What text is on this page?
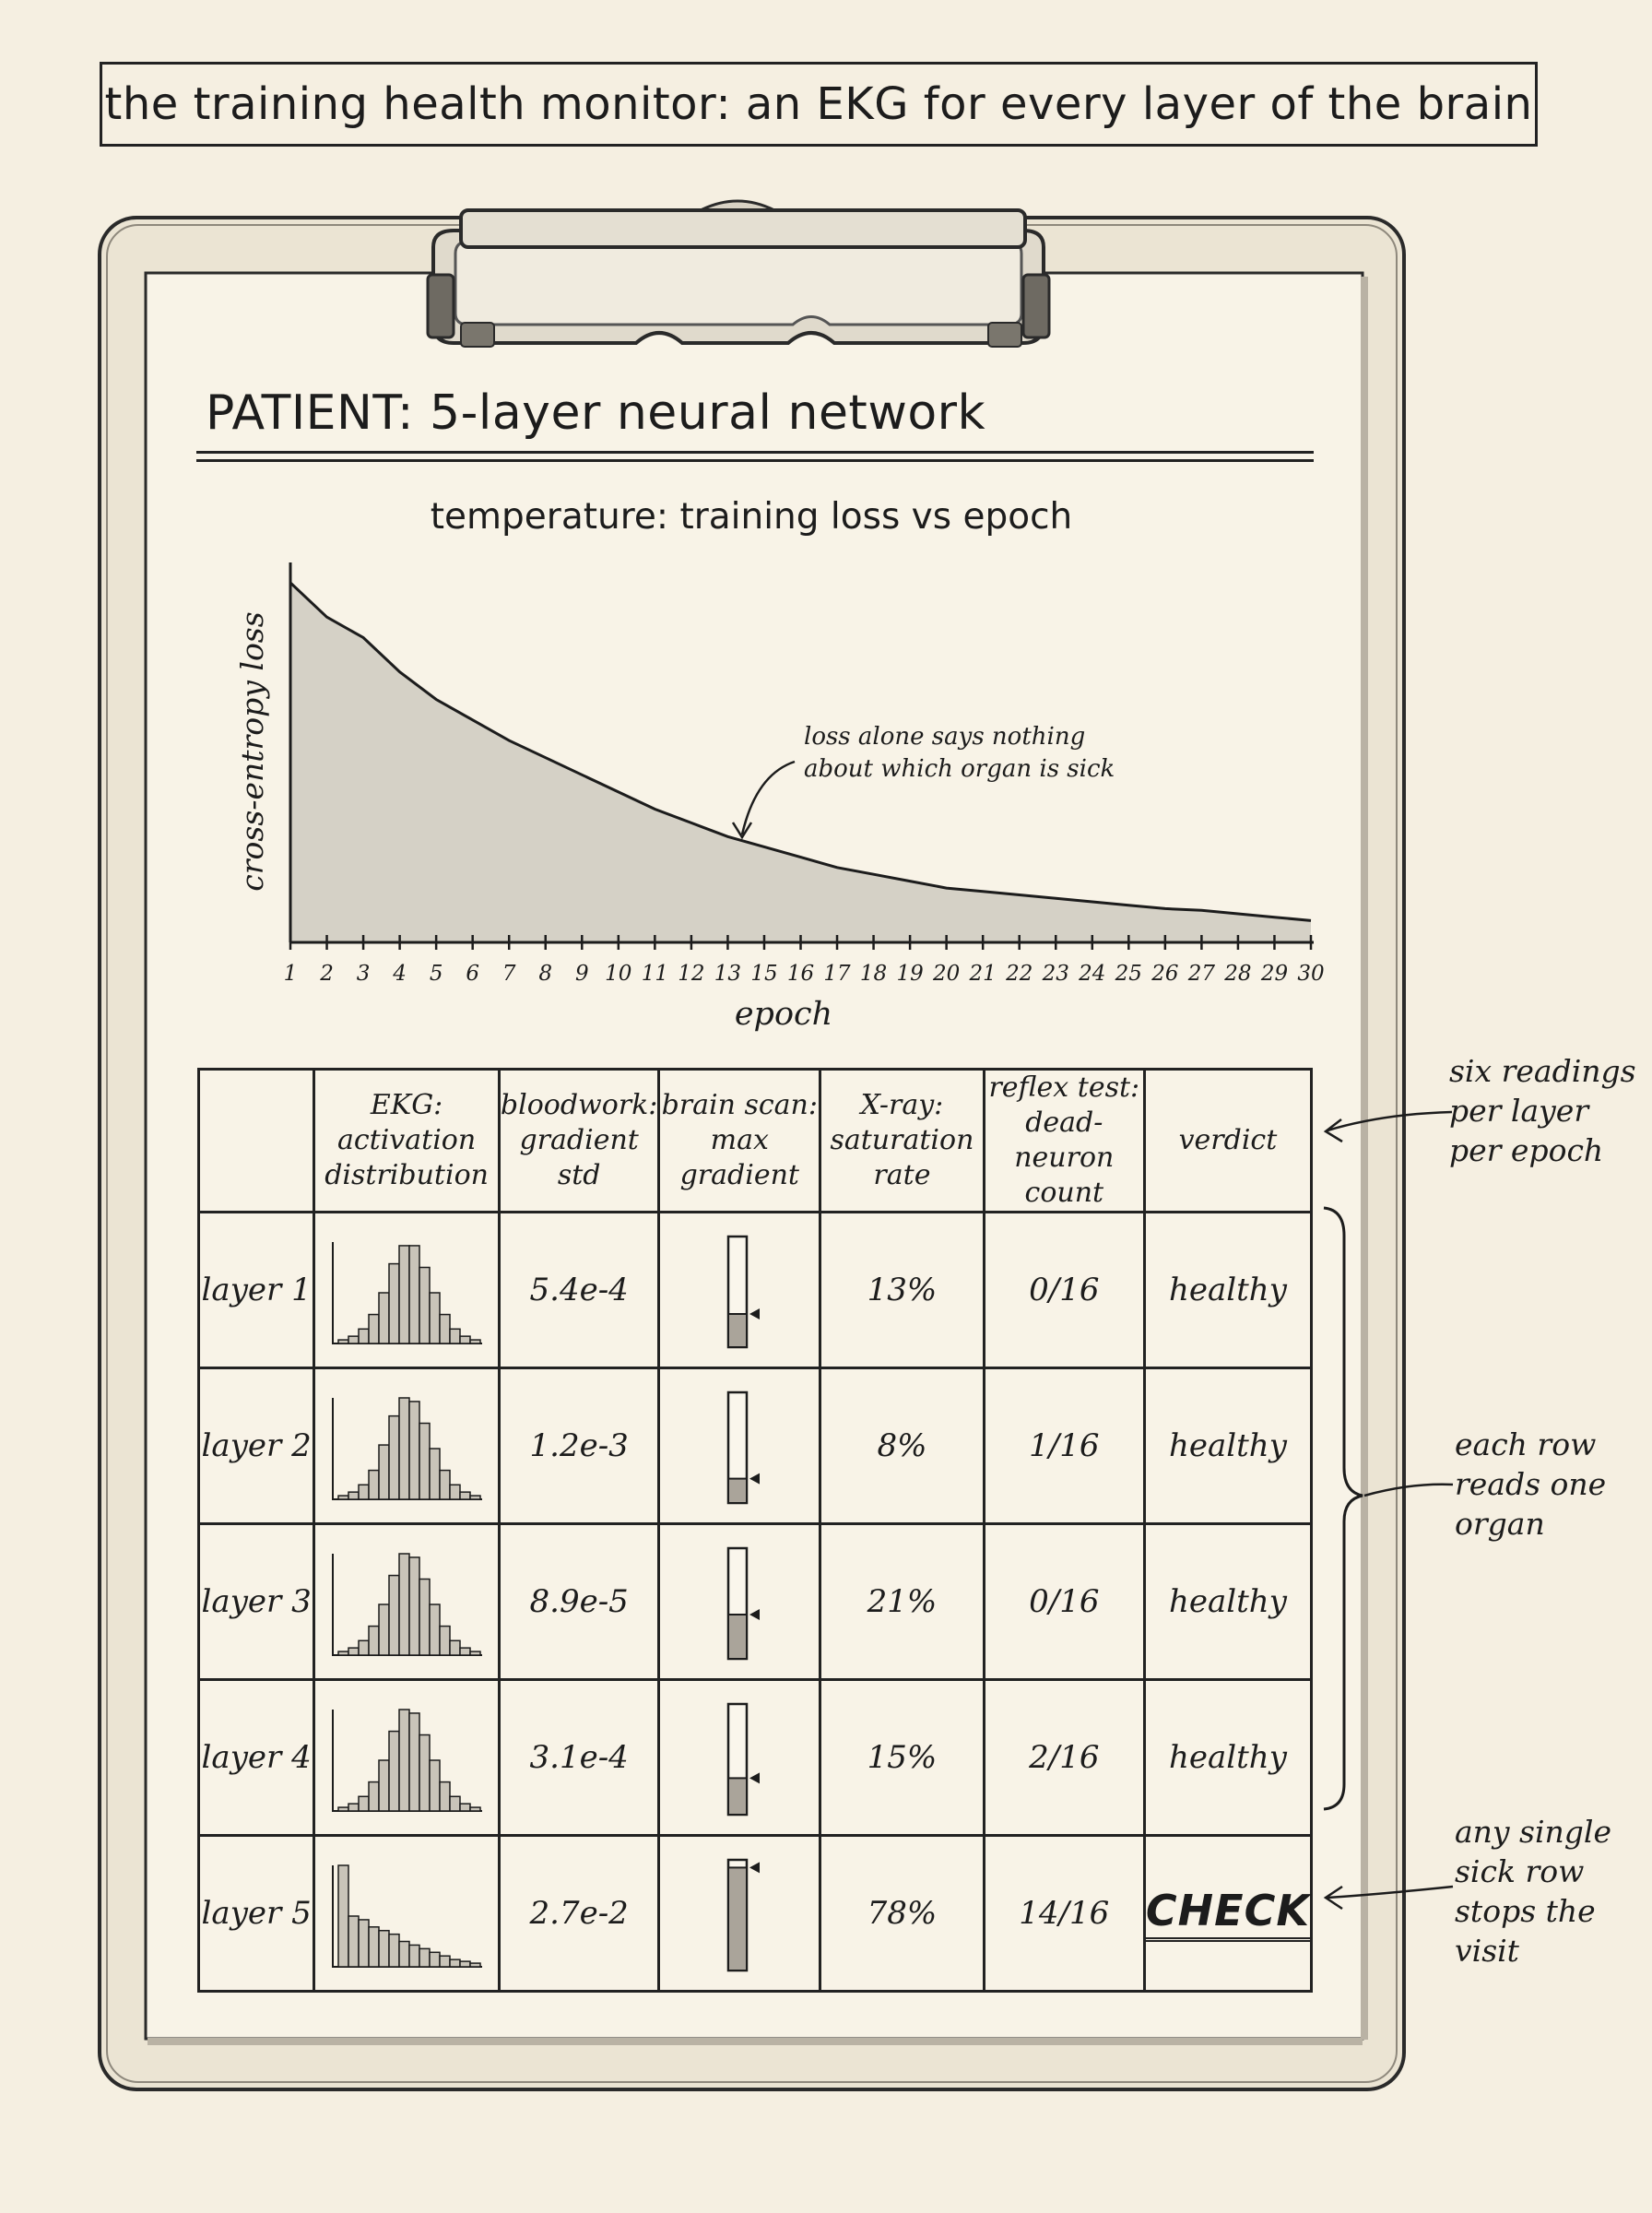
the training health monitor: an EKG for every layer of the brain
PATIENT: 5-layer neural network
temperature: training loss vs epoch
cross-entropy loss
epoch
loss alone says nothing about which organ is sick
1	2	3	4	5	6	7	8	9 10 11 12 13 15 16 17 18 19 20 21 22 23 24 25 26 27 28 29 30
	EKG: activation distribution	bloodwork: gradient std	brain scan: max gradient	X-ray: saturation rate	reflex test: dead-neuron count	verdict
layer 1		5.4e-4		13%	0/16	healthy
layer 2		1.2e-3		8%	1/16	healthy
layer 3		8.9e-5		21%	0/16	healthy
layer 4		3.1e-4		15%	2/16	healthy
layer 5		2.7e-2		78%	14/16	CHECK
six readings
per layer
per epoch
each row
reads one
organ
any single
sick row
stops the
visit
